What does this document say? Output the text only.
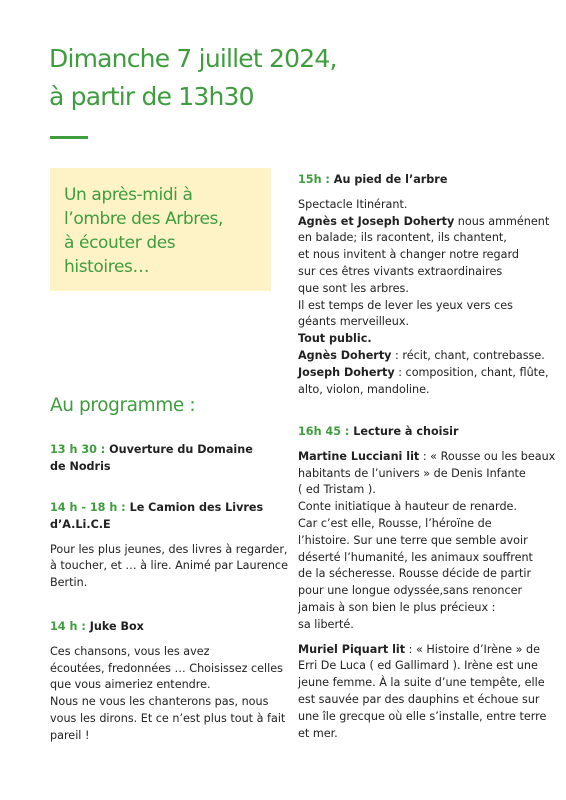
Dimanche 7 juillet 2024,
à partir de 13h30
Un après-midi à
l’ombre des Arbres,
à écouter des
histoires…
Au programme :

13 h 30 : Ouverture du Domaine

de Nodris

14 h - 18 h : Le Camion des Livres

d’A.Li.C.E

Pour les plus jeunes, des livres à regarder,

à toucher, et … à lire. Animé par Laurence

Bertin.

14 h : Juke Box

Ces chansons, vous les avez

écoutées, fredonnées … Choisissez celles

que vous aimeriez entendre.

Nous ne vous les chanterons pas, nous

vous les dirons. Et ce n’est plus tout à fait

pareil !

15h : Au pied de l’arbre

Spectacle Itinérant.

Agnès et Joseph Doherty nous amménent

en balade; ils racontent, ils chantent,

et nous invitent à changer notre regard

sur ces êtres vivants extraordinaires

que sont les arbres.

Il est temps de lever les yeux vers ces

géants merveilleux.

Tout public.

Agnès Doherty : récit, chant, contrebasse.

Joseph Doherty : composition, chant, flûte,

alto, violon, mandoline.

16h 45 : Lecture à choisir

Martine Lucciani lit : « Rousse ou les beaux

habitants de l’univers » de Denis Infante

( ed Tristam ).

Conte initiatique à hauteur de renarde.

Car c’est elle, Rousse, l’héroïne de

l’histoire. Sur une terre que semble avoir

déserté l’humanité, les animaux souffrent

de la sécheresse. Rousse décide de partir

pour une longue odyssée,sans renoncer

jamais à son bien le plus précieux :

sa liberté.

Muriel Piquart lit : « Histoire d’Irène » de

Erri De Luca ( ed Gallimard ). Irène est une

jeune femme. À la suite d’une tempête, elle

est sauvée par des dauphins et échoue sur

une île grecque où elle s’installe, entre terre

et mer.
